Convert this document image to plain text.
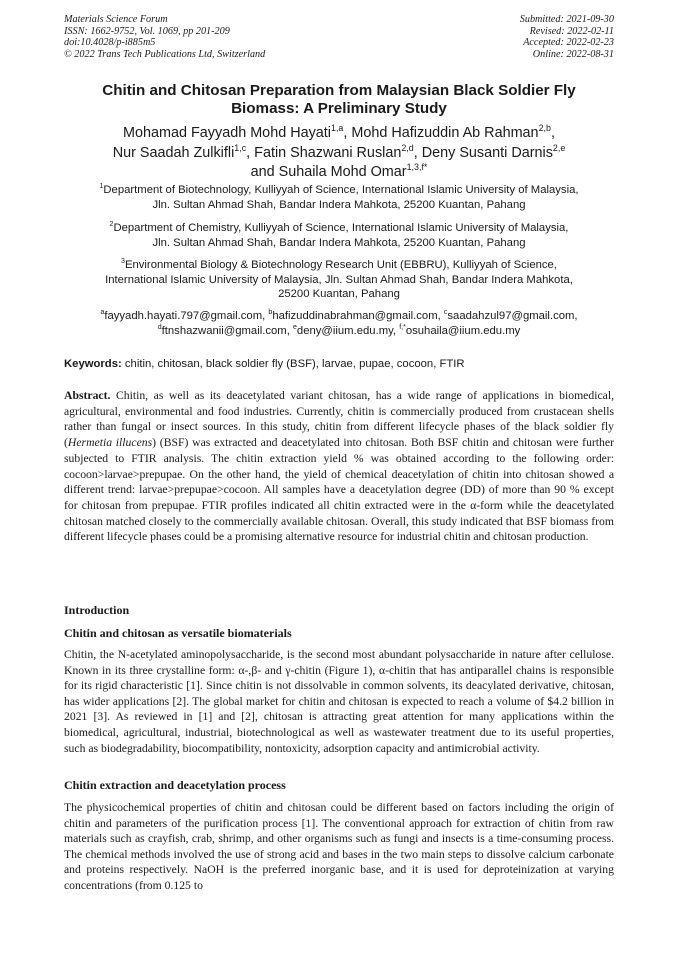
Materials Science Forum
ISSN: 1662-9752, Vol. 1069, pp 201-209
doi:10.4028/p-i885m5
© 2022 Trans Tech Publications Ltd, Switzerland
Submitted: 2021-09-30
Revised: 2022-02-11
Accepted: 2022-02-23
Online: 2022-08-31
Chitin and Chitosan Preparation from Malaysian Black Soldier Fly
Biomass: A Preliminary Study
Mohamad Fayyadh Mohd Hayati$^{1,a}$, Mohd Hafizuddin Ab Rahman$^{2,b}$,
Nur Saadah Zulkifli$^{1,c}$, Fatin Shazwani Ruslan$^{2,d}$, Deny Susanti Darnis$^{2,e}$
and Suhaila Mohd Omar$^{1,3,f*}$
$^1$Department of Biotechnology, Kulliyyah of Science, International Islamic University of Malaysia,
Jln. Sultan Ahmad Shah, Bandar Indera Mahkota, 25200 Kuantan, Pahang
$^2$Department of Chemistry, Kulliyyah of Science, International Islamic University of Malaysia,
Jln. Sultan Ahmad Shah, Bandar Indera Mahkota, 25200 Kuantan, Pahang
$^3$Environmental Biology & Biotechnology Research Unit (EBBRU), Kulliyyah of Science,
International Islamic University of Malaysia, Jln. Sultan Ahmad Shah, Bandar Indera Mahkota,
25200 Kuantan, Pahang
$^a$fayyadh.hayati.797@gmail.com, $^b$hafizuddinabrahman@gmail.com, $^c$saadahzul97@gmail.com,
$^d$ftnshazwanii@gmail.com, $^e$deny@iium.edu.my, $^{f,*}$osuhaila@iium.edu.my
Keywords: chitin, chitosan, black soldier fly (BSF), larvae, pupae, cocoon, FTIR
Abstract. Chitin, as well as its deacetylated variant chitosan, has a wide range of applications in biomedical, agricultural, environmental and food industries. Currently, chitin is commercially produced from crustacean shells rather than fungal or insect sources. In this study, chitin from different lifecycle phases of the black soldier fly (Hermetia illucens) (BSF) was extracted and deacetylated into chitosan. Both BSF chitin and chitosan were further subjected to FTIR analysis. The chitin extraction yield % was obtained according to the following order: cocoon>larvae>prepupae. On the other hand, the yield of chemical deacetylation of chitin into chitosan showed a different trend: larvae>prepupae>cocoon. All samples have a deacetylation degree (DD) of more than 90 % except for chitosan from prepupae. FTIR profiles indicated all chitin extracted were in the α-form while the deacetylated chitosan matched closely to the commercially available chitosan. Overall, this study indicated that BSF biomass from different lifecycle phases could be a promising alternative resource for industrial chitin and chitosan production.
Introduction
Chitin and chitosan as versatile biomaterials
Chitin, the N-acetylated aminopolysaccharide, is the second most abundant polysaccharide in nature after cellulose. Known in its three crystalline form: α-,β- and γ-chitin (Figure 1), α-chitin that has antiparallel chains is responsible for its rigid characteristic [1]. Since chitin is not dissolvable in common solvents, its deacylated derivative, chitosan, has wider applications [2]. The global market for chitin and chitosan is expected to reach a volume of $4.2 billion in 2021 [3]. As reviewed in [1] and [2], chitosan is attracting great attention for many applications within the biomedical, agricultural, industrial, biotechnological as well as wastewater treatment due to its useful properties, such as biodegradability, biocompatibility, nontoxicity, adsorption capacity and antimicrobial activity.
Chitin extraction and deacetylation process
The physicochemical properties of chitin and chitosan could be different based on factors including the origin of chitin and parameters of the purification process [1]. The conventional approach for extraction of chitin from raw materials such as crayfish, crab, shrimp, and other organisms such as fungi and insects is a time-consuming process. The chemical methods involved the use of strong acid and bases in the two main steps to dissolve calcium carbonate and proteins respectively. NaOH is the preferred inorganic base, and it is used for deproteinization at varying concentrations (from 0.125 to
